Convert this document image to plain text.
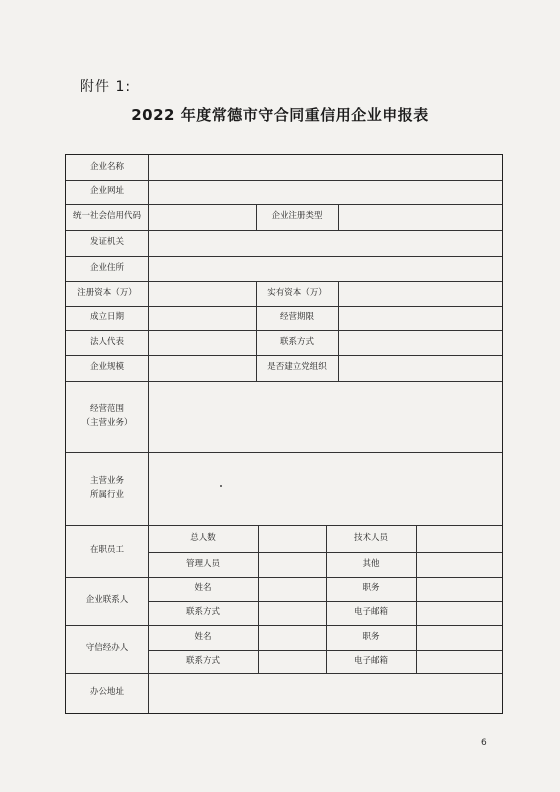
附件 1:
2022 年度常德市守合同重信用企业申报表
企业名称
企业网址
统一社会信用代码	企业注册类型
发证机关
企业住所
注册资本（万）	实有资本（万）
成立日期	经营期限
法人代表	联系方式
企业规模	是否建立党组织
经营范围
（主营业务）
主营业务
所属行业
在职员工
总人数	技术人员
管理人员	其他
企业联系人
姓名	职务
联系方式	电子邮箱
守信经办人
姓名	职务
联系方式	电子邮箱
办公地址
6
